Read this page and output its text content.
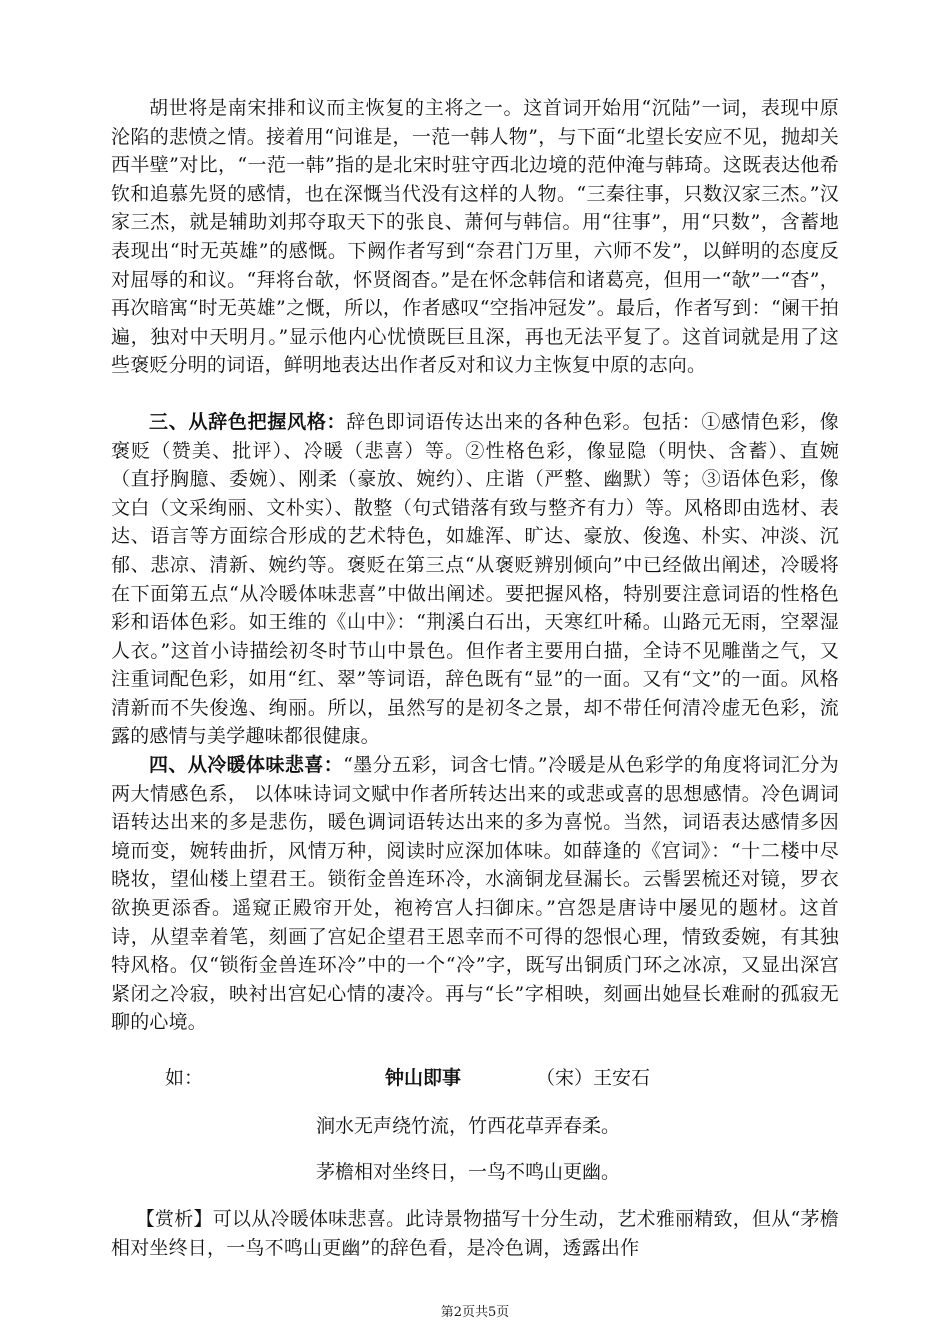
胡世将是南宋排和议而主恢复的主将之一。这首词开始用“沉陆”一词，表现中原沦陷的悲愤之情。接着用“问谁是，一范一韩人物”，与下面“北望长安应不见，抛却关西半壁”对比，“一范一韩”指的是北宋时驻守西北边境的范仲淹与韩琦。这既表达他希钦和追慕先贤的感情，也在深慨当代没有这样的人物。“三秦往事，只数汉家三杰。”汉家三杰，就是辅助刘邦夺取天下的张良、萧何与韩信。用“往事”，用“只数”，含蓄地表现出“时无英雄”的感慨。下阙作者写到“奈君门万里，六师不发”，以鲜明的态度反对屈辱的和议。“拜将台欹，怀贤阁杳。”是在怀念韩信和诸葛亮，但用一“欹”一“杳”，再次暗寓“时无英雄”之慨，所以，作者感叹“空指冲冠发”。最后，作者写到：“阑干拍遍，独对中天明月。”显示他内心忧愤既巨且深，再也无法平复了。这首词就是用了这些褒贬分明的词语，鲜明地表达出作者反对和议力主恢复中原的志向。

三、从辞色把握风格：辞色即词语传达出来的各种色彩。包括：①感情色彩，像褒贬（赞美、批评）、冷暖（悲喜）等。②性格色彩，像显隐（明快、含蓄）、直婉（直抒胸臆、委婉）、刚柔（豪放、婉约）、庄谐（严整、幽默）等；③语体色彩，像文白（文采绚丽、文朴实）、散整（句式错落有致与整齐有力）等。风格即由选材、表达、语言等方面综合形成的艺术特色，如雄浑、旷达、豪放、俊逸、朴实、冲淡、沉郁、悲凉、清新、婉约等。褒贬在第三点“从褒贬辨别倾向”中已经做出阐述，冷暖将在下面第五点“从冷暖体味悲喜”中做出阐述。要把握风格，特别要注意词语的性格色彩和语体色彩。如王维的《山中》：“荆溪白石出，天寒红叶稀。山路元无雨，空翠湿人衣。”这首小诗描绘初冬时节山中景色。但作者主要用白描，全诗不见雕凿之气，又注重词配色彩，如用“红、翠”等词语，辞色既有“显”的一面。又有“文”的一面。风格清新而不失俊逸、绚丽。所以，虽然写的是初冬之景，却不带任何清冷虚无色彩，流露的感情与美学趣味都很健康。

四、从冷暖体味悲喜：“墨分五彩，词含七情。”冷暖是从色彩学的角度将词汇分为两大情感色系， 以体味诗词文赋中作者所转达出来的或悲或喜的思想感情。冷色调词语转达出来的多是悲伤，暖色调词语转达出来的多为喜悦。当然，词语表达感情多因境而变，婉转曲折，风情万种，阅读时应深加体味。如薛逢的《宫词》：“十二楼中尽晓妆，望仙楼上望君王。锁衔金兽连环冷，水滴铜龙昼漏长。云髻罢梳还对镜，罗衣欲换更添香。遥窥正殿帘开处，袍袴宫人扫御床。”宫怨是唐诗中屡见的题材。这首诗，从望幸着笔，刻画了宫妃企望君王恩幸而不可得的怨恨心理，情致委婉，有其独特风格。仅“锁衔金兽连环冷”中的一个“冷”字，既写出铜质门环之冰凉，又显出深宫紧闭之冷寂，映衬出宫妃心情的凄冷。再与“长”字相映，刻画出她昼长难耐的孤寂无聊的心境。

如：	钟山即事	（宋）王安石
涧水无声绕竹流，竹西花草弄春柔。
茅檐相对坐终日，一鸟不鸣山更幽。

【赏析】可以从冷暖体味悲喜。此诗景物描写十分生动，艺术雅丽精致，但从“茅檐相对坐终日，一鸟不鸣山更幽”的辞色看，是冷色调，透露出作

第2页共5页
